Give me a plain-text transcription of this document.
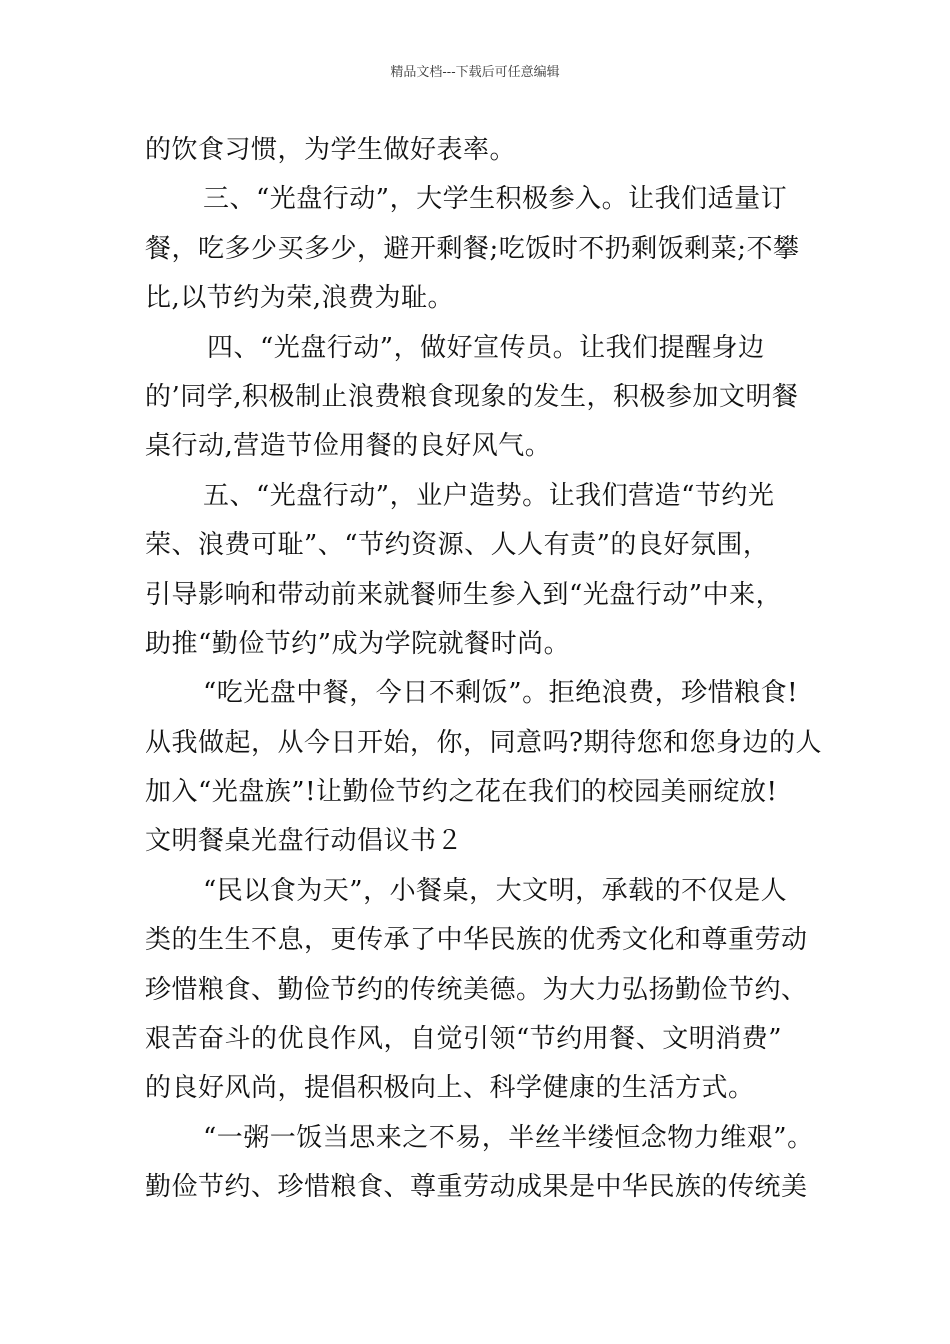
精品文档---下载后可任意编辑
的饮食习惯，为学生做好表率。
三、“光盘行动”，大学生积极参入。让我们适量订
餐，吃多少买多少，避开剩餐;吃饭时不扔剩饭剩菜;不攀
比,以节约为荣,浪费为耻。
四、“光盘行动”，做好宣传员。让我们提醒身边
的’同学,积极制止浪费粮食现象的发生，积极参加文明餐
桌行动,营造节俭用餐的良好风气。
五、“光盘行动”，业户造势。让我们营造“节约光
荣、浪费可耻”、“节约资源、人人有责”的良好氛围，
引导影响和带动前来就餐师生参入到“光盘行动”中来，
助推“勤俭节约”成为学院就餐时尚。
“吃光盘中餐，今日不剩饭”。拒绝浪费，珍惜粮食!
从我做起，从今日开始，你，同意吗?期待您和您身边的人
加入“光盘族”!让勤俭节约之花在我们的校园美丽绽放!
文明餐桌光盘行动倡议书２
“民以食为天”，小餐桌，大文明，承载的不仅是人
类的生生不息，更传承了中华民族的优秀文化和尊重劳动
珍惜粮食、勤俭节约的传统美德。为大力弘扬勤俭节约、
艰苦奋斗的优良作风，自觉引领“节约用餐、文明消费”
的良好风尚，提倡积极向上、科学健康的生活方式。
“一粥一饭当思来之不易，半丝半缕恒念物力维艰”。
勤俭节约、珍惜粮食、尊重劳动成果是中华民族的传统美
